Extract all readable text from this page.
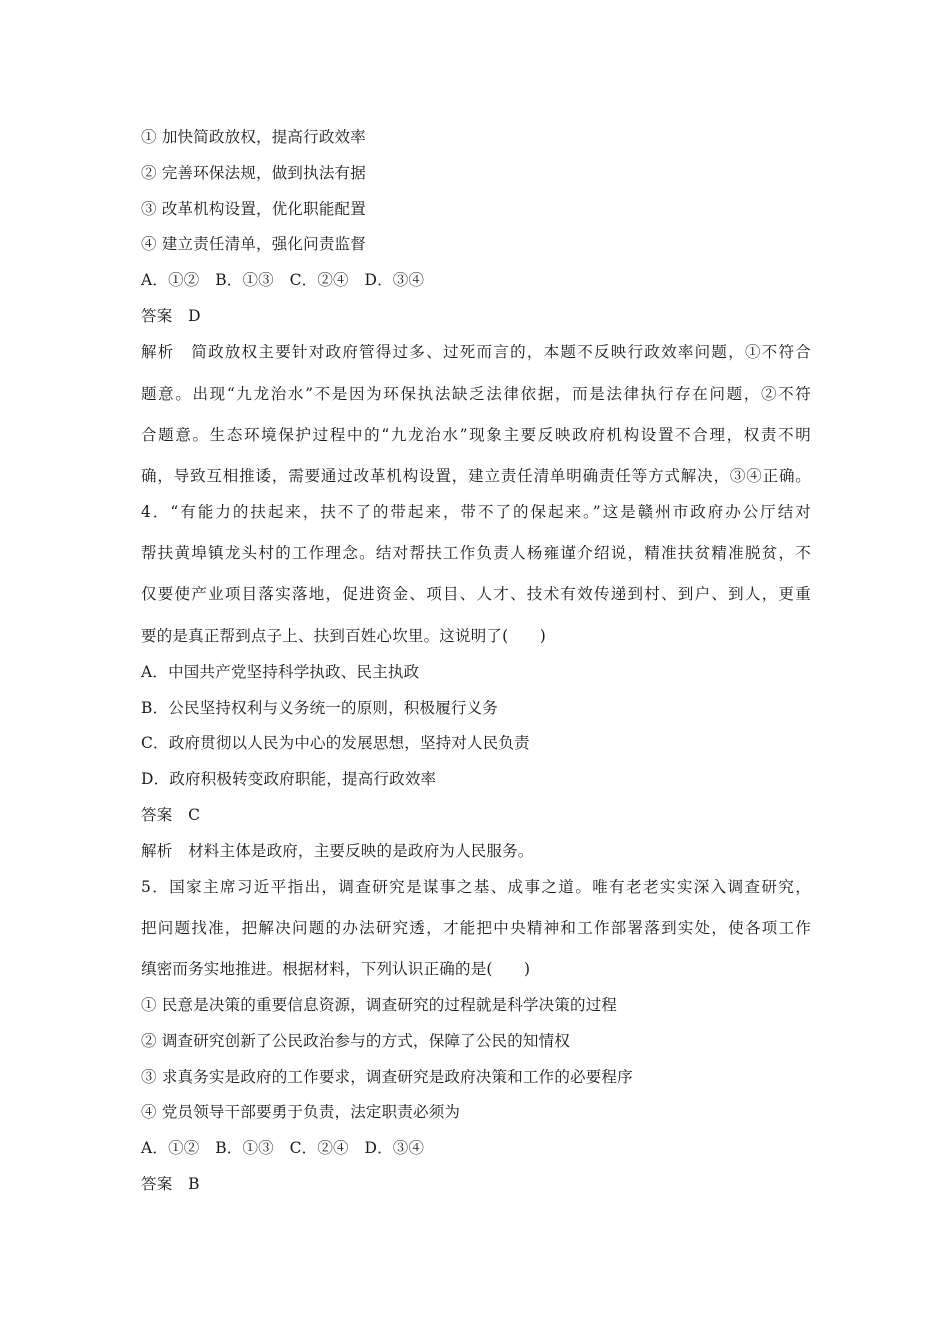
① 加快简政放权，提高行政效率
② 完善环保法规，做到执法有据
③ 改革机构设置，优化职能配置
④ 建立责任清单，强化问责监督
A．①②　B．①③　C．②④　D．③④
答案　D
解析　简政放权主要针对政府管得过多、过死而言的，本题不反映行政效率问题，①不符合
题意。出现“九龙治水”不是因为环保执法缺乏法律依据，而是法律执行存在问题，②不符
合题意。生态环境保护过程中的“九龙治水”现象主要反映政府机构设置不合理，权责不明
确，导致互相推诿，需要通过改革机构设置，建立责任清单明确责任等方式解决，③④正确。
4．“有能力的扶起来，扶不了的带起来，带不了的保起来。”这是赣州市政府办公厅结对
帮扶黄埠镇龙头村的工作理念。结对帮扶工作负责人杨雍谨介绍说，精准扶贫精准脱贫，不
仅要使产业项目落实落地，促进资金、项目、人才、技术有效传递到村、到户、到人，更重
要的是真正帮到点子上、扶到百姓心坎里。这说明了(　　)
A．中国共产党坚持科学执政、民主执政
B．公民坚持权利与义务统一的原则，积极履行义务
C．政府贯彻以人民为中心的发展思想，坚持对人民负责
D．政府积极转变政府职能，提高行政效率
答案　C
解析　材料主体是政府，主要反映的是政府为人民服务。
5．国家主席习近平指出，调查研究是谋事之基、成事之道。唯有老老实实深入调查研究，
把问题找准，把解决问题的办法研究透，才能把中央精神和工作部署落到实处，使各项工作
缜密而务实地推进。根据材料，下列认识正确的是(　　)
① 民意是决策的重要信息资源，调查研究的过程就是科学决策的过程
② 调查研究创新了公民政治参与的方式，保障了公民的知情权
③ 求真务实是政府的工作要求，调查研究是政府决策和工作的必要程序
④ 党员领导干部要勇于负责，法定职责必须为
A．①②　B．①③　C．②④　D．③④
答案　B
